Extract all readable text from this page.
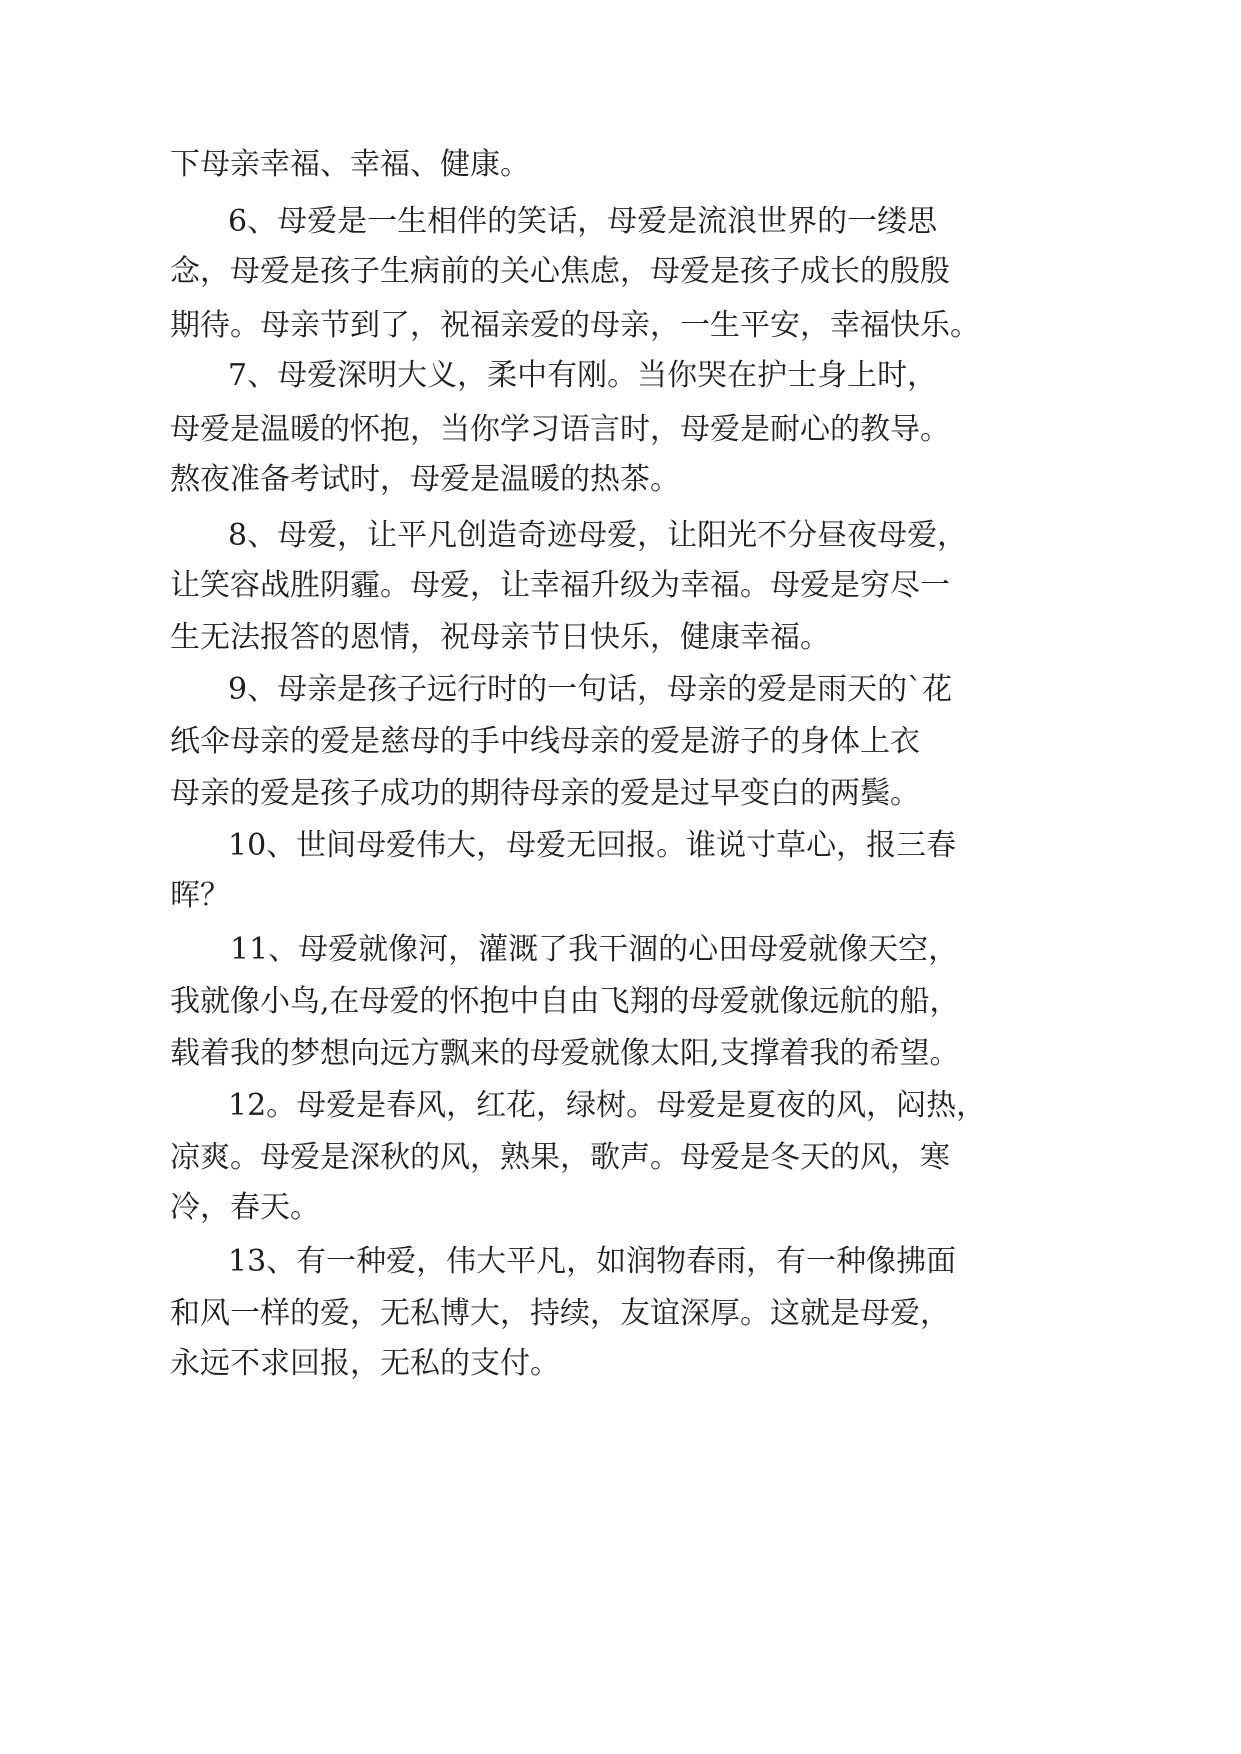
下母亲幸福、幸福、健康。
6、母爱是一生相伴的笑话，母爱是流浪世界的一缕思
念，母爱是孩子生病前的关心焦虑，母爱是孩子成长的殷殷
期待。母亲节到了，祝福亲爱的母亲，一生平安，幸福快乐。
7、母爱深明大义，柔中有刚。当你哭在护士身上时，
母爱是温暖的怀抱，当你学习语言时，母爱是耐心的教导。
熬夜准备考试时，母爱是温暖的热茶。
8、母爱，让平凡创造奇迹母爱，让阳光不分昼夜母爱，
让笑容战胜阴霾。母爱，让幸福升级为幸福。母爱是穷尽一
生无法报答的恩情，祝母亲节日快乐，健康幸福。
9、母亲是孩子远行时的一句话，母亲的爱是雨天的`花
纸伞母亲的爱是慈母的手中线母亲的爱是游子的身体上衣
母亲的爱是孩子成功的期待母亲的爱是过早变白的两鬓。
10、世间母爱伟大，母爱无回报。谁说寸草心，报三春
晖？
11、母爱就像河，灌溉了我干涸的心田母爱就像天空，
我就像小鸟,在母爱的怀抱中自由飞翔的母爱就像远航的船，
载着我的梦想向远方飘来的母爱就像太阳,支撑着我的希望。
12。母爱是春风，红花，绿树。母爱是夏夜的风，闷热，
凉爽。母爱是深秋的风，熟果，歌声。母爱是冬天的风，寒
冷，春天。
13、有一种爱，伟大平凡，如润物春雨，有一种像拂面
和风一样的爱，无私博大，持续，友谊深厚。这就是母爱，
永远不求回报，无私的支付。
